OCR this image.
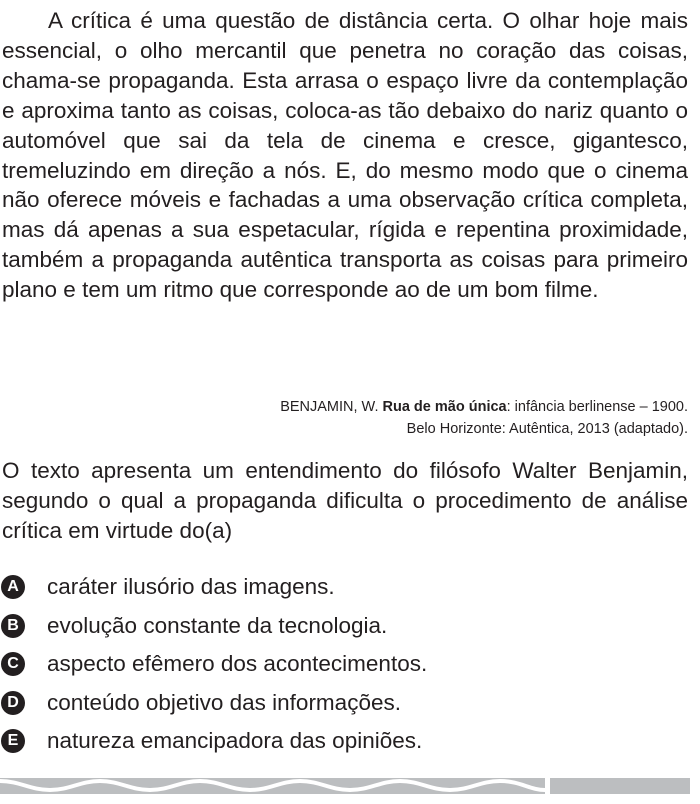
A crítica é uma questão de distância certa. O olhar hoje mais essencial, o olho mercantil que penetra no coração das coisas, chama-se propaganda. Esta arrasa o espaço livre da contemplação e aproxima tanto as coisas, coloca-as tão debaixo do nariz quanto o automóvel que sai da tela de cinema e cresce, gigantesco, tremeluzindo em direção a nós. E, do mesmo modo que o cinema não oferece móveis e fachadas a uma observação crítica completa, mas dá apenas a sua espetacular, rígida e repentina proximidade, também a propaganda autêntica transporta as coisas para primeiro plano e tem um ritmo que corresponde ao de um bom filme.

BENJAMIN, W. Rua de mão única: infância berlinense – 1900.
Belo Horizonte: Autêntica, 2013 (adaptado).

O texto apresenta um entendimento do filósofo Walter Benjamin, segundo o qual a propaganda dificulta o procedimento de análise crítica em virtude do(a)

A caráter ilusório das imagens.
B evolução constante da tecnologia.
C aspecto efêmero dos acontecimentos.
D conteúdo objetivo das informações.
E natureza emancipadora das opiniões.
